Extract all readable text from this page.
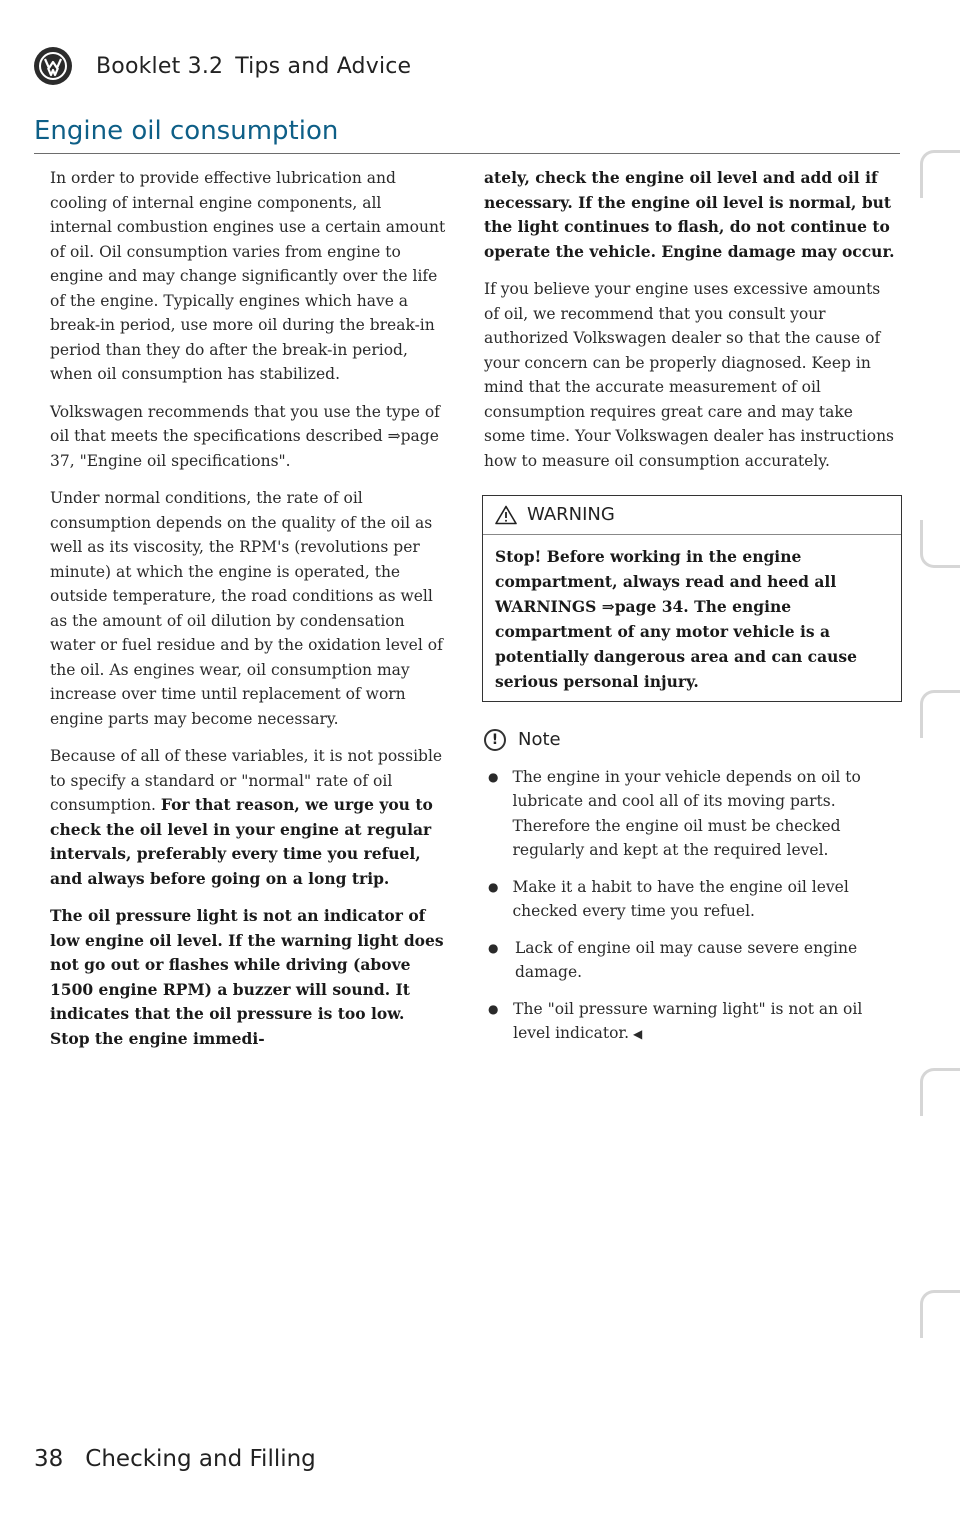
Booklet 3.2 Tips and Advice
Engine oil consumption

In order to provide effective lubrication and cooling of internal engine components, all internal combustion engines use a certain amount of oil. Oil consumption varies from engine to engine and may change significantly over the life of the engine. Typically engines which have a break-in period, use more oil during the break-in period than they do after the break-in period, when oil consumption has stabilized.

Volkswagen recommends that you use the type of oil that meets the specifications described ⇒page 37, "Engine oil specifications".

Under normal conditions, the rate of oil consumption depends on the quality of the oil as well as its viscosity, the RPM's (revolutions per minute) at which the engine is operated, the outside temperature, the road conditions as well as the amount of oil dilution by condensation water or fuel residue and by the oxidation level of the oil. As engines wear, oil consumption may increase over time until replacement of worn engine parts may become necessary.

Because of all of these variables, it is not possible to specify a standard or "normal" rate of oil consumption. For that reason, we urge you to check the oil level in your engine at regular intervals, preferably every time you refuel, and always before going on a long trip.

The oil pressure light is not an indicator of low engine oil level. If the warning light does not go out or flashes while driving (above 1500 engine RPM) a buzzer will sound. It indicates that the oil pressure is too low. Stop the engine immedi-

ately, check the engine oil level and add oil if necessary. If the engine oil level is normal, but the light continues to flash, do not continue to operate the vehicle. Engine damage may occur.

If you believe your engine uses excessive amounts of oil, we recommend that you consult your authorized Volkswagen dealer so that the cause of your concern can be properly diagnosed. Keep in mind that the accurate measurement of oil consumption requires great care and may take some time. Your Volkswagen dealer has instructions how to measure oil consumption accurately.

WARNING
Stop! Before working in the engine compartment, always read and heed all WARNINGS ⇒page 34. The engine compartment of any motor vehicle is a potentially dangerous area and can cause serious personal injury.
!	Note
● The engine in your vehicle depends on oil to lubricate and cool all of its moving parts. Therefore the engine oil must be checked regularly and kept at the required level.
● Make it a habit to have the engine oil level checked every time you refuel.
● Lack of engine oil may cause severe engine damage.
● The "oil pressure warning light" is not an oil level indicator. ◀
38 Checking and Filling
